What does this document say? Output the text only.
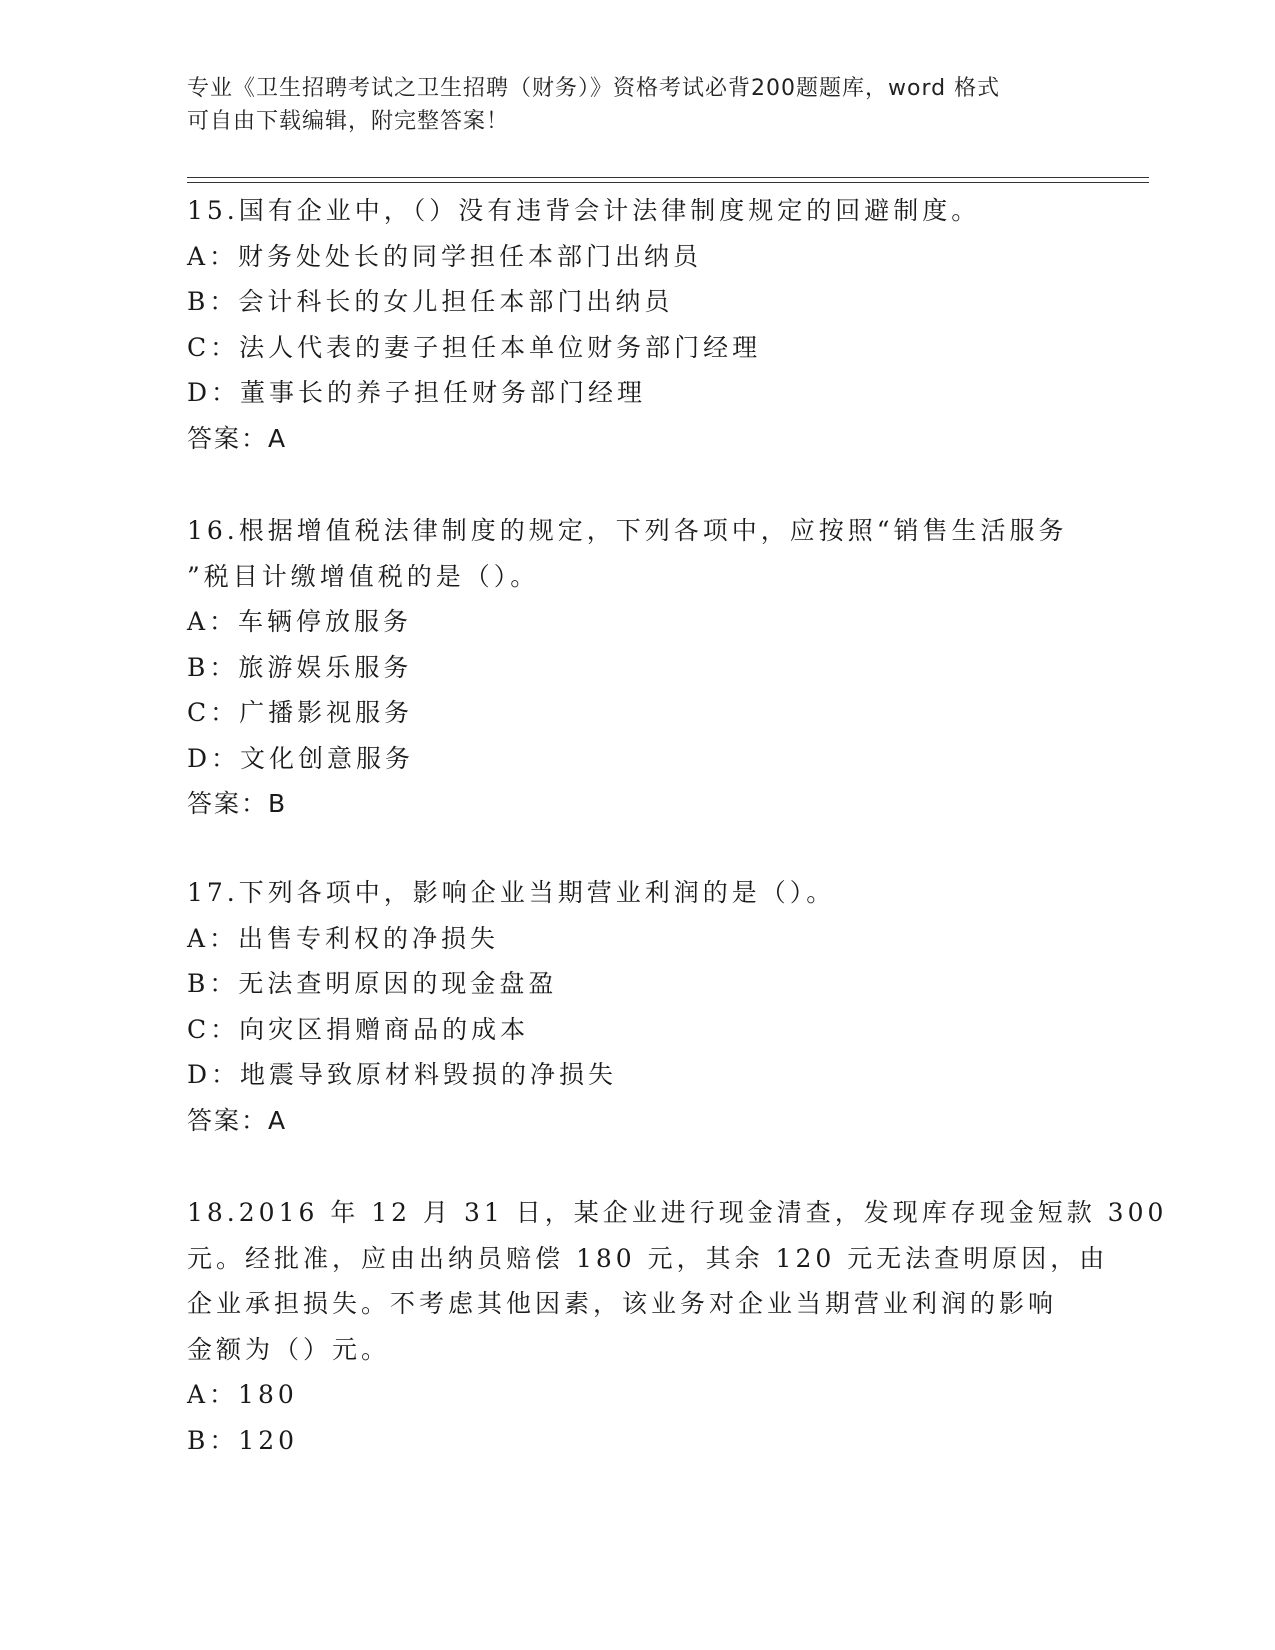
专业《卫生招聘考试之卫生招聘（财务）》资格考试必背200题题库，word 格式
可自由下载编辑，附完整答案！
15.国有企业中，（）没有违背会计法律制度规定的回避制度。
A：财务处处长的同学担任本部门出纳员
B：会计科长的女儿担任本部门出纳员
C：法人代表的妻子担任本单位财务部门经理
D：董事长的养子担任财务部门经理
答案：A
16.根据增值税法律制度的规定，下列各项中，应按照“销售生活服务
”税目计缴增值税的是（）。
A：车辆停放服务
B：旅游娱乐服务
C：广播影视服务
D：文化创意服务
答案：B
17.下列各项中，影响企业当期营业利润的是（）。
A：出售专利权的净损失
B：无法查明原因的现金盘盈
C：向灾区捐赠商品的成本
D：地震导致原材料毁损的净损失
答案：A
18.2016 年 12 月 31 日，某企业进行现金清查，发现库存现金短款 300
元。经批准，应由出纳员赔偿 180 元，其余 120 元无法查明原因，由
企业承担损失。不考虑其他因素，该业务对企业当期营业利润的影响
金额为（）元。
A：180
B：120
